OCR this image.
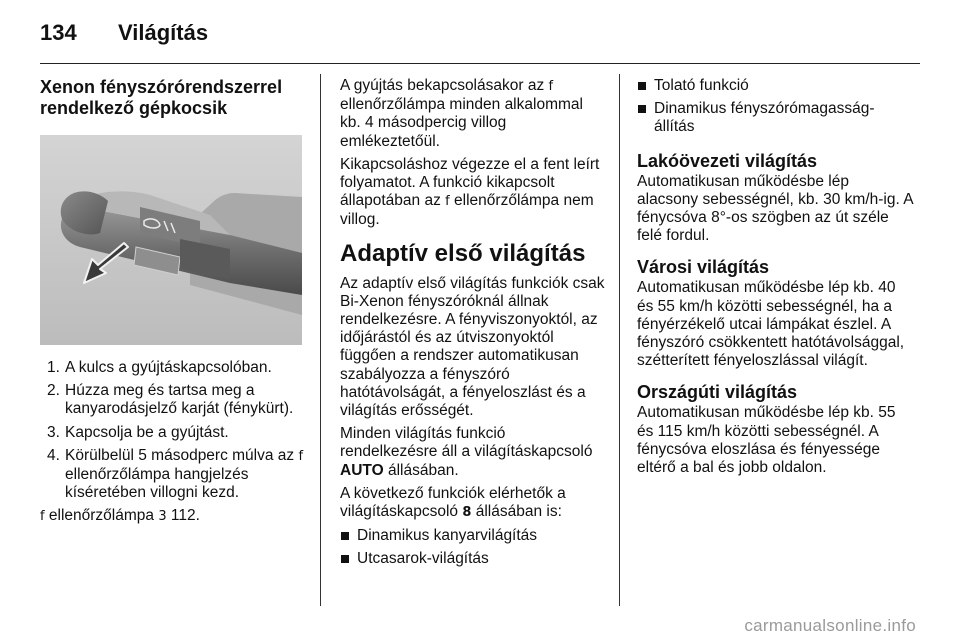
134	Világítás
Xenon fényszórórendszerrel rendelkező gépkocsik
1. A kulcs a gyújtáskapcsolóban.
2. Húzza meg és tartsa meg a kanyarodásjelző karját (fénykürt).
3. Kapcsolja be a gyújtást.
4. Körülbelül 5 másodperc múlva az f ellenőrzőlámpa hangjelzés kíséretében villogni kezd.

f ellenőrzőlámpa 3 112.

A gyújtás bekapcsolásakor az f ellenőrzőlámpa minden alkalommal kb. 4 másodpercig villog emlékeztetőül.

Kikapcsoláshoz végezze el a fent leírt folyamatot. A funkció kikapcsolt állapotában az f ellenőrzőlámpa nem villog.

Adaptív első világítás

Az adaptív első világítás funkciók csak Bi-Xenon fényszóróknál állnak rendelkezésre. A fényviszonyoktól, az időjárástól és az útviszonyoktól függően a rendszer automatikusan szabályozza a fényszóró hatótávolságát, a fényeloszlást és a világítás erősségét.

Minden világítás funkció rendelkezésre áll a világításkapcsoló AUTO állásában.

A következő funkciók elérhetők a világításkapcsoló 8 állásában is:

Dinamikus kanyarvilágítás
Utcasarok-világítás
Tolató funkció
Dinamikus fényszórómagasság-állítás
Lakóövezeti világítás

Automatikusan működésbe lép alacsony sebességnél, kb. 30 km/h-ig. A fénycsóva 8°-os szögben az út széle felé fordul.

Városi világítás

Automatikusan működésbe lép kb. 40 és 55 km/h közötti sebességnél, ha a fényérzékelő utcai lámpákat észlel. A fényszóró csökkentett hatótávolsággal, szétterített fényeloszlással világít.

Országúti világítás

Automatikusan működésbe lép kb. 55 és 115 km/h közötti sebességnél. A fénycsóva eloszlása és fényessége eltérő a bal és jobb oldalon.

carmanualsonline.info
